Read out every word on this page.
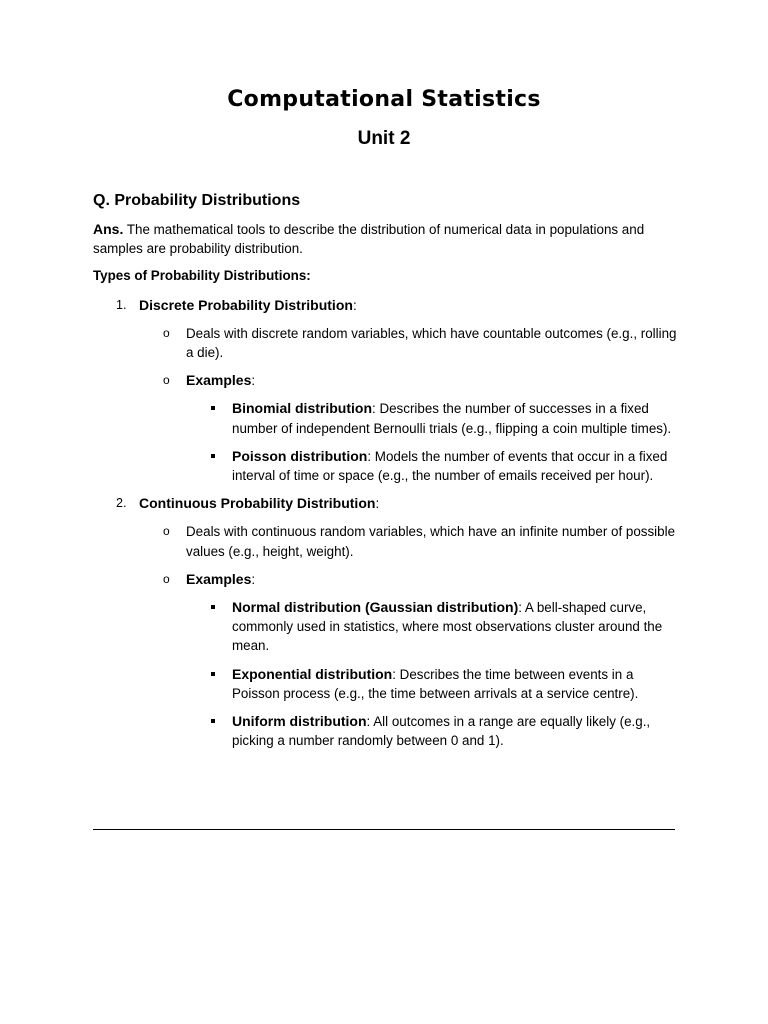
Computational Statistics
Unit 2

Q. Probability Distributions

Ans. The mathematical tools to describe the distribution of numerical data in populations and samples are probability distribution.

Types of Probability Distributions:

1. Discrete Probability Distribution:
o Deals with discrete random variables, which have countable outcomes (e.g., rolling a die).
o Examples:
Binomial distribution: Describes the number of successes in a fixed number of independent Bernoulli trials (e.g., flipping a coin multiple times).
Poisson distribution: Models the number of events that occur in a fixed interval of time or space (e.g., the number of emails received per hour).
2. Continuous Probability Distribution:
o Deals with continuous random variables, which have an infinite number of possible values (e.g., height, weight).
o Examples:
Normal distribution (Gaussian distribution): A bell-shaped curve, commonly used in statistics, where most observations cluster around the mean.
Exponential distribution: Describes the time between events in a Poisson process (e.g., the time between arrivals at a service centre).
Uniform distribution: All outcomes in a range are equally likely (e.g., picking a number randomly between 0 and 1).
